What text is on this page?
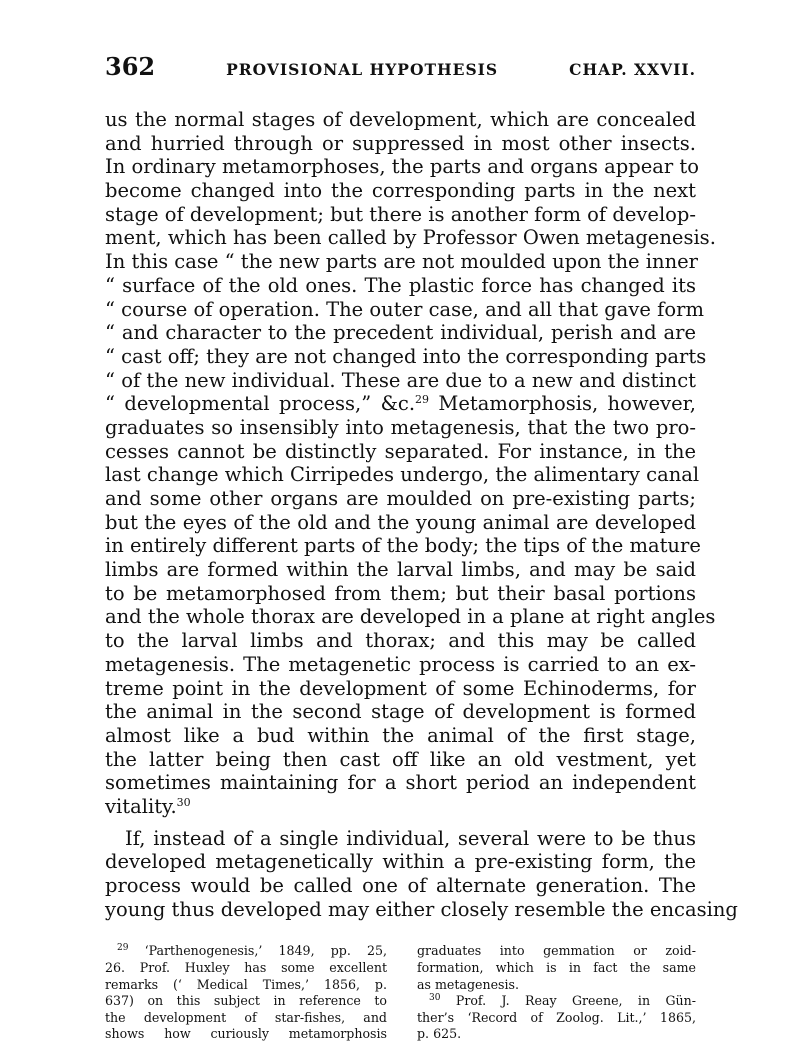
362	PROVISIONAL HYPOTHESIS	CHAP. XXVII.
us the normal stages of development, which are concealed
and hurried through or suppressed in most other insects.
In ordinary metamorphoses, the parts and organs appear to
become changed into the corresponding parts in the next
stage of development; but there is another form of develop-
ment, which has been called by Professor Owen metagenesis.
In this case “ the new parts are not moulded upon the inner
“ surface of the old ones. The plastic force has changed its
“ course of operation. The outer case, and all that gave form
“ and character to the precedent individual, perish and are
“ cast off; they are not changed into the corresponding parts
“ of the new individual. These are due to a new and distinct
“ developmental process,” &c.$^{29}$ Metamorphosis, however,
graduates so insensibly into metagenesis, that the two pro-
cesses cannot be distinctly separated. For instance, in the
last change which Cirripedes undergo, the alimentary canal
and some other organs are moulded on pre-existing parts;
but the eyes of the old and the young animal are developed
in entirely different parts of the body; the tips of the mature
limbs are formed within the larval limbs, and may be said
to be metamorphosed from them; but their basal portions
and the whole thorax are developed in a plane at right angles
to the larval limbs and thorax; and this may be called
metagenesis. The metagenetic process is carried to an ex-
treme point in the development of some Echinoderms, for
the animal in the second stage of development is formed
almost like a bud within the animal of the first stage,
the latter being then cast off like an old vestment, yet
sometimes maintaining for a short period an independent
vitality.$^{30}$
If, instead of a single individual, several were to be thus
developed metagenetically within a pre-existing form, the
process would be called one of alternate generation. The
young thus developed may either closely resemble the encasing
$^{29}$ ‘Parthenogenesis,’ 1849, pp. 25,
26. Prof. Huxley has some excellent
remarks (‘ Medical Times,’ 1856, p.
637) on this subject in reference to
the development of star-fishes, and
shows how curiously metamorphosis
graduates into gemmation or zoid-
formation, which is in fact the same
as metagenesis.
$^{30}$ Prof. J. Reay Greene, in Gün-
ther’s ‘Record of Zoolog. Lit.,’ 1865,
p. 625.
